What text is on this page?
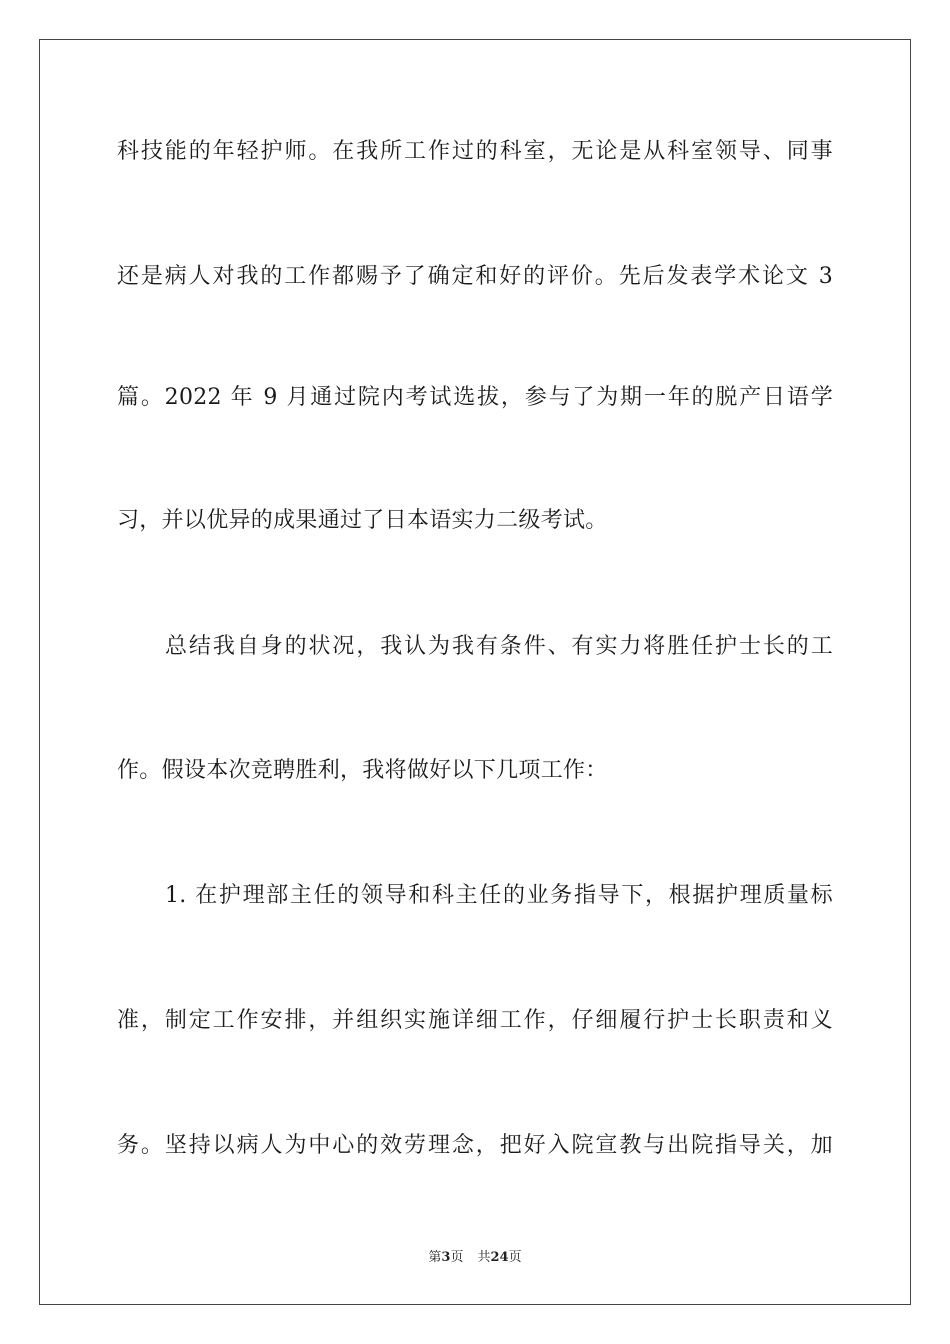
科技能的年轻护师。在我所工作过的科室，无论是从科室领导、同事
还是病人对我的工作都赐予了确定和好的评价。先后发表学术论文 3
篇。2022 年 9 月通过院内考试选拔，参与了为期一年的脱产日语学
习，并以优异的成果通过了日本语实力二级考试。
总结我自身的状况，我认为我有条件、有实力将胜任护士长的工
作。假设本次竞聘胜利，我将做好以下几项工作：
1. 在护理部主任的领导和科主任的业务指导下，根据护理质量标
准，制定工作安排，并组织实施详细工作，仔细履行护士长职责和义
务。坚持以病人为中心的效劳理念，把好入院宣教与出院指导关，加
第3页 共24页
